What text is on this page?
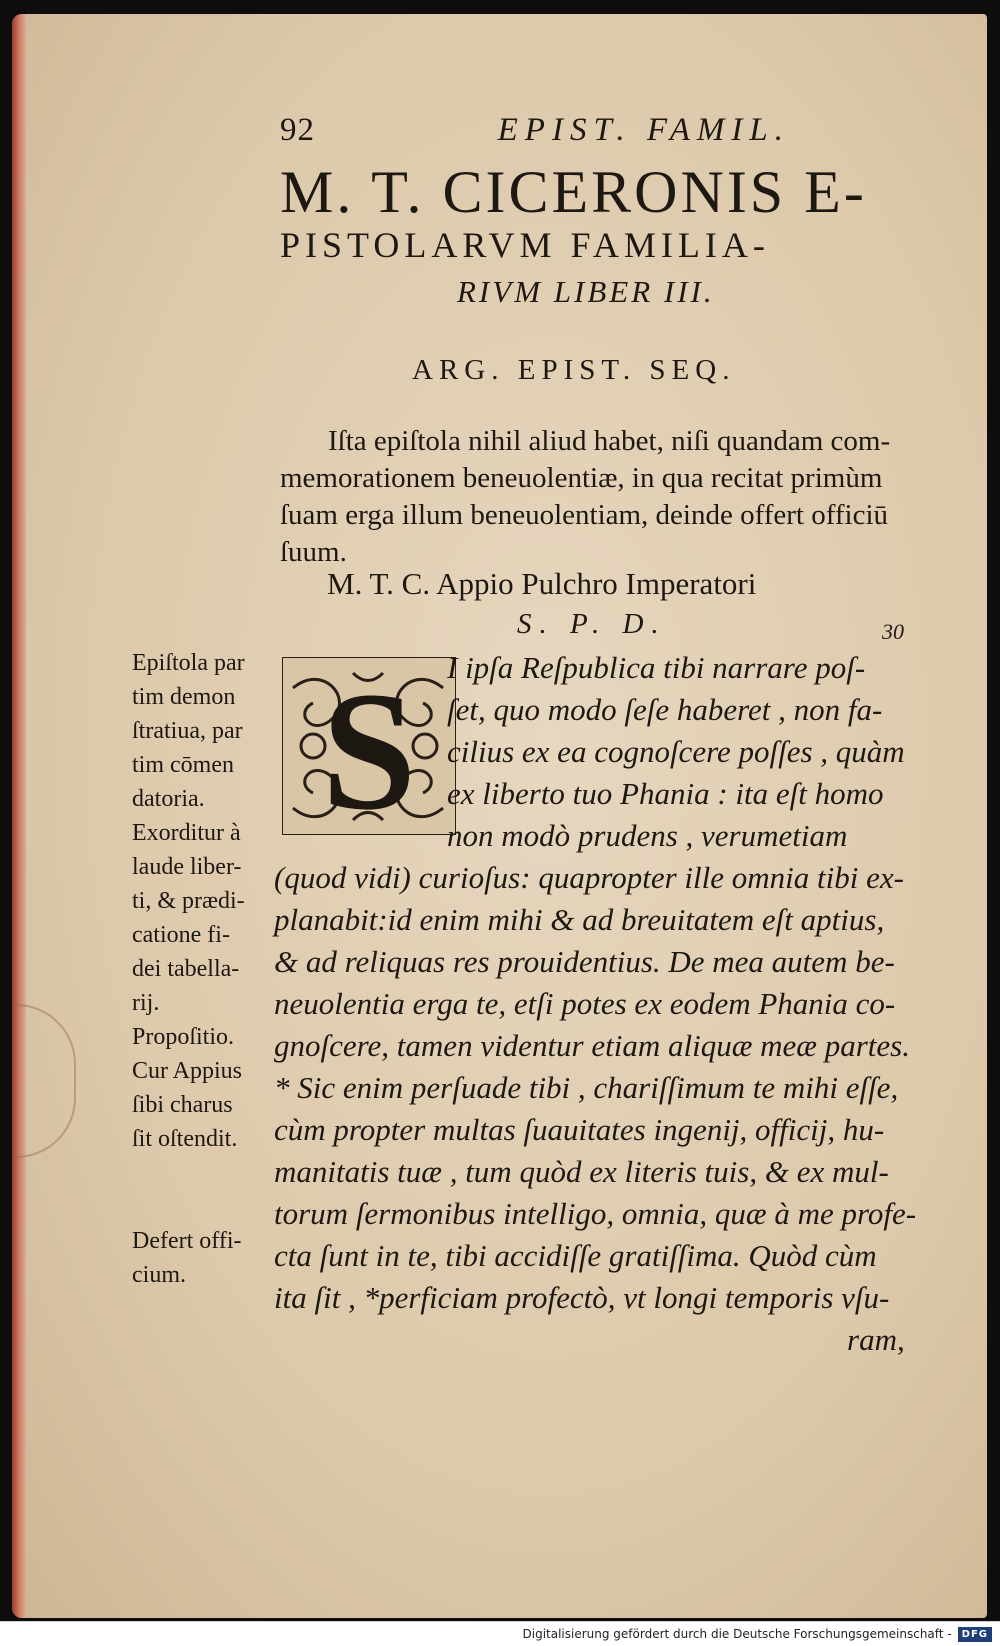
92	EPIST. FAMIL.
M. T. CICERONIS E-
PISTOLARVM FAMILIA-
RIVM LIBER III.
ARG. EPIST. SEQ.
Iſta epiſtola nihil aliud habet, niſi quandam com-
memorationem beneuolentiæ, in qua recitat primùm
ſuam erga illum beneuolentiam, deinde offert officiū
ſuum.
M. T. C. Appio Pulchro Imperatori
S. P. D.	30
S I ipſa Reſpublica tibi narrare poſ-
ſet, quo modo ſeſe haberet , non fa-
cilius ex ea cognoſcere poſſes , quàm
ex liberto tuo Phania : ita eſt homo
non modò prudens , verumetiam
(quod vidi) curioſus: quapropter ille omnia tibi ex-
planabit:id enim mihi & ad breuitatem eſt aptius,
& ad reliquas res prouidentius. De mea autem be-
neuolentia erga te, etſi potes ex eodem Phania co-
gnoſcere, tamen videntur etiam aliquæ meæ partes.
* Sic enim perſuade tibi , chariſſimum te mihi eſſe,
cùm propter multas ſuauitates ingenij, officij, hu-
manitatis tuæ , tum quòd ex literis tuis, & ex mul-
torum ſermonibus intelligo, omnia, quæ à me profe-
cta ſunt in te, tibi accidiſſe gratiſſima. Quòd cùm
ita ſit , *perficiam profectò, vt longi temporis vſu-
ram,
Epiſtola par
tim demon
ſtratiua, par
tim cōmen
datoria.
Exorditur à
laude liber-
ti, & prædi-
catione fi-
dei tabella-
rij.
Propoſitio.
Cur Appius
ſibi charus
ſit oſtendit.
Defert offi-
cium.
Digitalisierung gefördert durch die Deutsche Forschungsgemeinschaft -	DFG
